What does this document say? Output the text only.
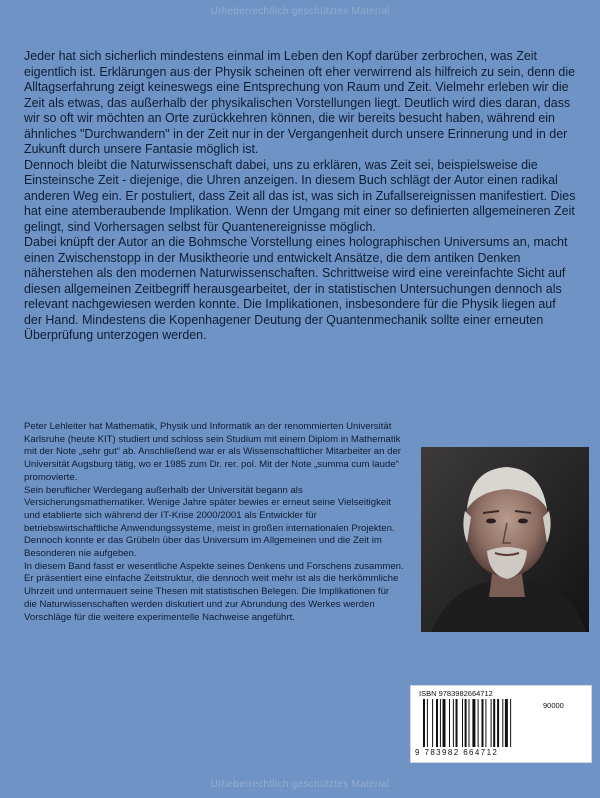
Urheberrechtlich geschütztes Material

Jeder hat sich sicherlich mindestens einmal im Leben den Kopf darüber zerbrochen, was Zeit eigentlich ist. Erklärungen aus der Physik scheinen oft eher verwirrend als hilfreich zu sein, denn die Alltagserfahrung zeigt keineswegs eine Entsprechung von Raum und Zeit. Vielmehr erleben wir die Zeit als etwas, das außerhalb der physikalischen Vorstellungen liegt. Deutlich wird dies daran, dass wir so oft wir möchten an Orte zurückkehren können, die wir bereits besucht haben, während ein ähnliches "Durchwandern" in der Zeit nur in der Vergangenheit durch unsere Erinnerung und in der Zukunft durch unsere Fantasie möglich ist.

Dennoch bleibt die Naturwissenschaft dabei, uns zu erklären, was Zeit sei, beispielsweise die Einsteinsche Zeit - diejenige, die Uhren anzeigen. In diesem Buch schlägt der Autor einen radikal anderen Weg ein. Er postuliert, dass Zeit all das ist, was sich in Zufallsereignissen manifestiert. Dies hat eine atemberaubende Implikation. Wenn der Umgang mit einer so definierten allgemeineren Zeit gelingt, sind Vorhersagen selbst für Quantenereignisse möglich.

Dabei knüpft der Autor an die Bohmsche Vorstellung eines holographischen Universums an, macht einen Zwischenstopp in der Musiktheorie und entwickelt Ansätze, die dem antiken Denken näherstehen als den modernen Naturwissenschaften. Schrittweise wird eine vereinfachte Sicht auf diesen allgemeinen Zeitbegriff herausgearbeitet, der in statistischen Untersuchungen dennoch als relevant nachgewiesen werden konnte. Die Implikationen, insbesondere für die Physik liegen auf der Hand. Mindestens die Kopenhagener Deutung der Quantenmechanik sollte einer erneuten Überprüfung unterzogen werden.

Peter Lehleiter hat Mathematik, Physik und Informatik an der renommierten Universität Karlsruhe (heute KIT) studiert und schloss sein Studium mit einem Diplom in Mathematik mit der Note „sehr gut“ ab. Anschließend war er als Wissenschaftlicher Mitarbeiter an der Universität Augsburg tätig, wo er 1985 zum Dr. rer. pol. Mit der Note „summa cum laude“ promovierte.

Sein beruflicher Werdegang außerhalb der Universität begann als Versicherungsmathematiker. Wenige Jahre später bewies er erneut seine Vielseitigkeit und etablierte sich während der IT-Krise 2000/2001 als Entwickler für betriebswirtschaftliche Anwendungssysteme, meist in großen internationalen Projekten. Dennoch konnte er das Grübeln über das Universum im Allgemeinen und die Zeit im Besonderen nie aufgeben.

In diesem Band fasst er wesentliche Aspekte seines Denkens und Forschens zusammen. Er präsentiert eine einfache Zeitstruktur, die dennoch weit mehr ist als die herkömmliche Uhrzeit und untermauert seine Thesen mit statistischen Belegen. Die Implikationen für die Naturwissenschaften werden diskutiert und zur Abrundung des Werkes werden Vorschläge für die weitere experimentelle Nachweise angeführt.

ISBN 9783982664712
90000
9 783982 664712
Urheberrechtlich geschütztes Material
